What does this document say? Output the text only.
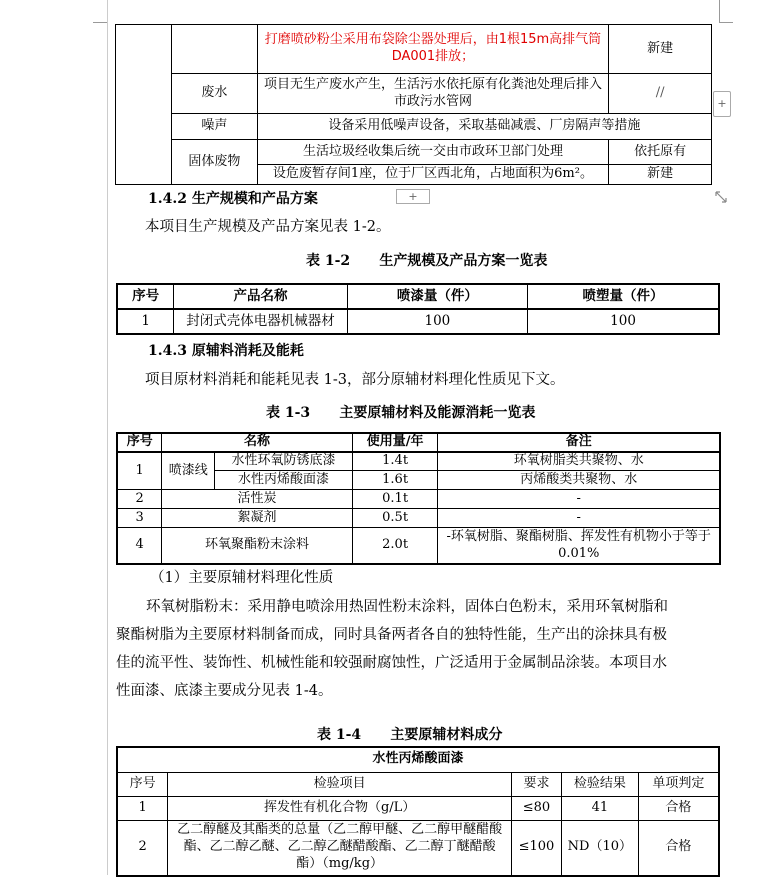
		打磨喷砂粉尘采用布袋除尘器处理后，由1根15m高排气筒DA001排放；	新建
	废水	项目无生产废水产生，生活污水依托原有化粪池处理后排入市政污水管网	//
	噪声	设备采用低噪声设备，采取基础减震、厂房隔声等措施	
	固体废物	生活垃圾经收集后统一交由市政环卫部门处理	依托原有
		设危废暂存间1座，位于厂区西北角，占地面积为6m²。	新建
+
+
1.4.2 生产规模和产品方案
本项目生产规模及产品方案见表 1-2。
表 1-2      生产规模及产品方案一览表
序号	产品名称	喷漆量（件）	喷塑量（件）
1	封闭式壳体电器机械器材	100	100
1.4.3 原辅料消耗及能耗
项目原材料消耗和能耗见表 1-3，部分原辅材料理化性质见下文。
表 1-3      主要原辅材料及能源消耗一览表
序号	名称		使用量/年	备注
1	喷漆线	水性环氧防锈底漆	1.4t	环氧树脂类共聚物、水
		水性丙烯酸面漆	1.6t	丙烯酸类共聚物、水
2	活性炭		0.1t	-
3	絮凝剂		0.5t	-
4	环氧聚酯粉末涂料		2.0t	-环氧树脂、聚酯树脂、挥发性有机物小于等于 0.01%
（1）主要原辅材料理化性质
环氧树脂粉末：采用静电喷涂用热固性粉末涂料，固体白色粉末，采用环氧树脂和
聚酯树脂为主要原材料制备而成，同时具备两者各自的独特性能，生产出的涂抹具有极
佳的流平性、装饰性、机械性能和较强耐腐蚀性，广泛适用于金属制品涂装。本项目水
性面漆、底漆主要成分见表 1-4。
表 1-4      主要原辅材料成分
水性丙烯酸面漆				
序号	检验项目	要求	检验结果	单项判定
1	挥发性有机化合物（g/L）	≤80	41	合格
2	乙二醇醚及其酯类的总量（乙二醇甲醚、乙二醇甲醚醋酸酯、乙二醇乙醚、乙二醇乙醚醋酸酯、乙二醇丁醚醋酸酯）（mg/kg）	≤100	ND（10）	合格
